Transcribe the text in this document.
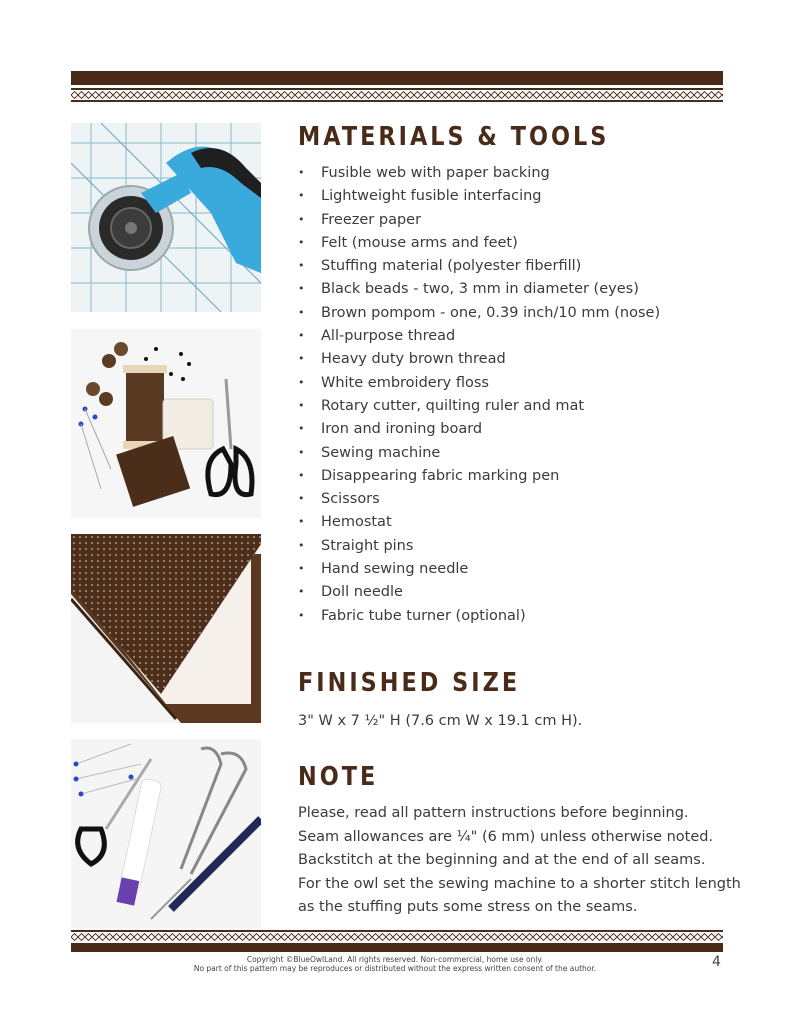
MATERIALS & TOOLS
• Fusible web with paper backing
• Lightweight fusible interfacing
• Freezer paper
• Felt (mouse arms and feet)
• Stuffing material (polyester fiberfill)
• Black beads - two, 3 mm in diameter (eyes)
• Brown pompom - one, 0.39 inch/10 mm (nose)
• All-purpose thread
• Heavy duty brown thread
• White embroidery floss
• Rotary cutter, quilting ruler and mat
• Iron and ironing board
• Sewing machine
• Disappearing fabric marking pen
• Scissors
• Hemostat
• Straight pins
• Hand sewing needle
• Doll needle
• Fabric tube turner (optional)
FINISHED SIZE
3" W x 7 ½" H (7.6 cm W x 19.1 cm H).
NOTE
Please, read all pattern instructions before beginning.
Seam allowances are ¼" (6 mm) unless otherwise noted.
Backstitch at the beginning and at the end of all seams.
For the owl set the sewing machine to a shorter stitch length
as the stuffing puts some stress on the seams.
Copyright ©BlueOwlLand. All rights reserved. Non-commercial, home use only.
No part of this pattern may be reproduces or distributed without the express written consent of the author.	4
